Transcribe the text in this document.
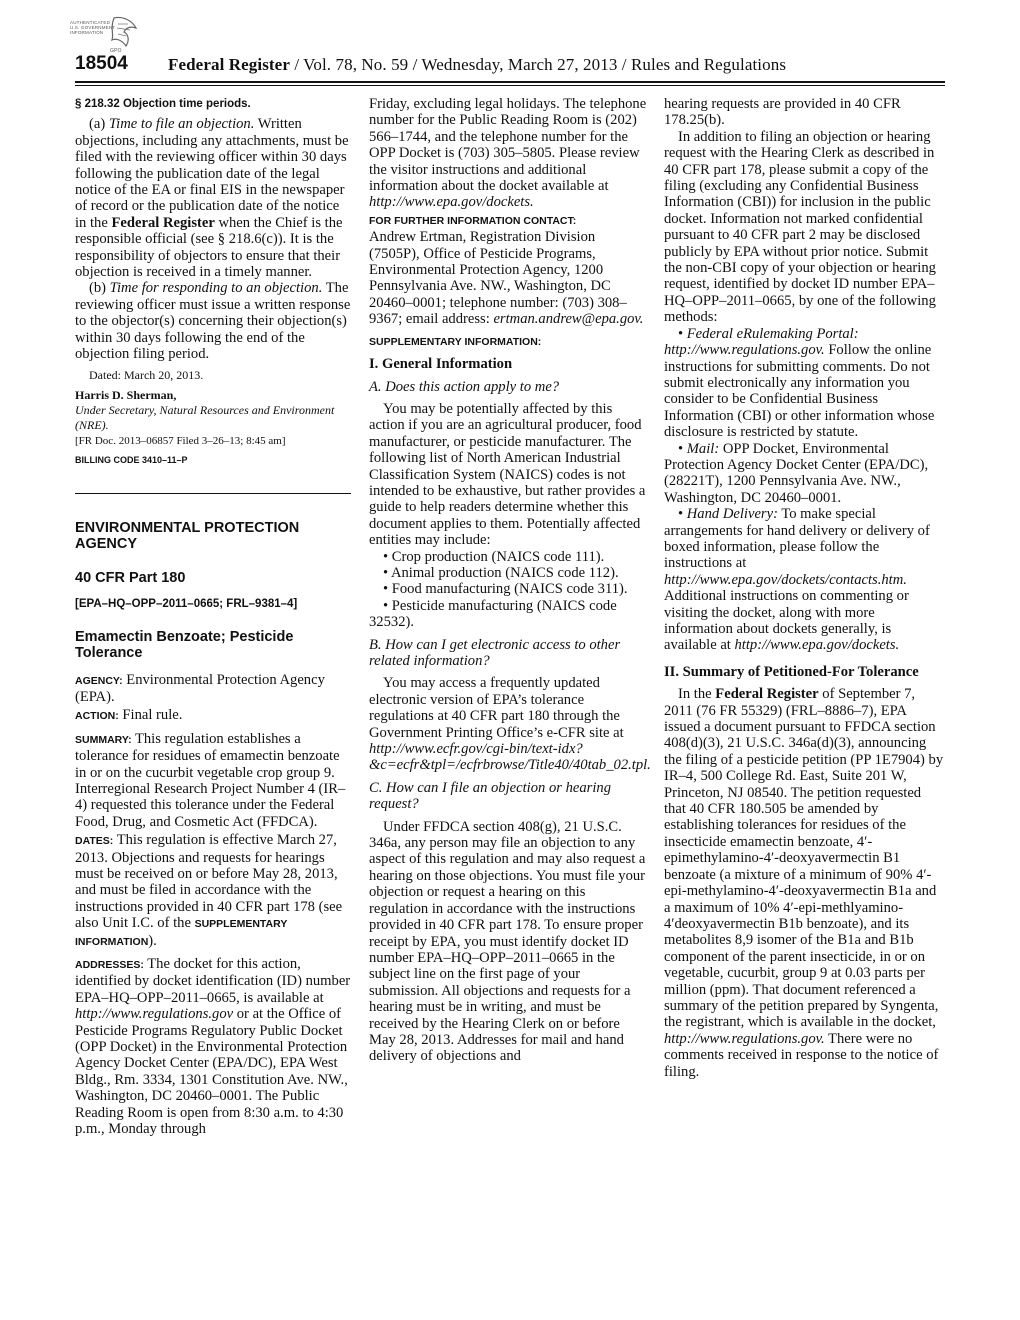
AUTHENTICATED
U.S. GOVERNMENT
INFORMATION
GPO
18504 Federal Register / Vol. 78, No. 59 / Wednesday, March 27, 2013 / Rules and Regulations

§ 218.32 Objection time periods.

(a) Time to file an objection. Written objections, including any attachments, must be filed with the reviewing officer within 30 days following the publication date of the legal notice of the EA or final EIS in the newspaper of record or the publication date of the notice in the Federal Register when the Chief is the responsible official (see § 218.6(c)). It is the responsibility of objectors to ensure that their objection is received in a timely manner.

(b) Time for responding to an objection. The reviewing officer must issue a written response to the objector(s) concerning their objection(s) within 30 days following the end of the objection filing period.

Dated: March 20, 2013.

Harris D. Sherman,

Under Secretary, Natural Resources and Environment (NRE).

[FR Doc. 2013–06857 Filed 3–26–13; 8:45 am]

BILLING CODE 3410–11–P

ENVIRONMENTAL PROTECTION AGENCY

40 CFR Part 180

[EPA–HQ–OPP–2011–0665; FRL–9381–4]

Emamectin Benzoate; Pesticide Tolerance

AGENCY: Environmental Protection Agency (EPA).

ACTION: Final rule.

SUMMARY: This regulation establishes a tolerance for residues of emamectin benzoate in or on the cucurbit vegetable crop group 9. Interregional Research Project Number 4 (IR–4) requested this tolerance under the Federal Food, Drug, and Cosmetic Act (FFDCA).

DATES: This regulation is effective March 27, 2013. Objections and requests for hearings must be received on or before May 28, 2013, and must be filed in accordance with the instructions provided in 40 CFR part 178 (see also Unit I.C. of the SUPPLEMENTARY INFORMATION).

ADDRESSES: The docket for this action, identified by docket identification (ID) number EPA–HQ–OPP–2011–0665, is available at http://www.regulations.gov or at the Office of Pesticide Programs Regulatory Public Docket (OPP Docket) in the Environmental Protection Agency Docket Center (EPA/DC), EPA West Bldg., Rm. 3334, 1301 Constitution Ave. NW., Washington, DC 20460–0001. The Public Reading Room is open from 8:30 a.m. to 4:30 p.m., Monday through

Friday, excluding legal holidays. The telephone number for the Public Reading Room is (202) 566–1744, and the telephone number for the OPP Docket is (703) 305–5805. Please review the visitor instructions and additional information about the docket available at http://www.epa.gov/dockets.

FOR FURTHER INFORMATION CONTACT:

Andrew Ertman, Registration Division (7505P), Office of Pesticide Programs, Environmental Protection Agency, 1200 Pennsylvania Ave. NW., Washington, DC 20460–0001; telephone number: (703) 308–9367; email address: ertman.andrew@epa.gov.

SUPPLEMENTARY INFORMATION:

I. General Information

A. Does this action apply to me?

You may be potentially affected by this action if you are an agricultural producer, food manufacturer, or pesticide manufacturer. The following list of North American Industrial Classification System (NAICS) codes is not intended to be exhaustive, but rather provides a guide to help readers determine whether this document applies to them. Potentially affected entities may include:

• Crop production (NAICS code 111).

• Animal production (NAICS code 112).

• Food manufacturing (NAICS code 311).

• Pesticide manufacturing (NAICS code 32532).

B. How can I get electronic access to other related information?

You may access a frequently updated electronic version of EPA’s tolerance regulations at 40 CFR part 180 through the Government Printing Office’s e-CFR site at http://www.ecfr.gov/cgi-bin/text-idx?&c=ecfr&tpl=/ecfrbrowse/Title40/40tab_02.tpl.

C. How can I file an objection or hearing request?

Under FFDCA section 408(g), 21 U.S.C. 346a, any person may file an objection to any aspect of this regulation and may also request a hearing on those objections. You must file your objection or request a hearing on this regulation in accordance with the instructions provided in 40 CFR part 178. To ensure proper receipt by EPA, you must identify docket ID number EPA–HQ–OPP–2011–0665 in the subject line on the first page of your submission. All objections and requests for a hearing must be in writing, and must be received by the Hearing Clerk on or before May 28, 2013. Addresses for mail and hand delivery of objections and

hearing requests are provided in 40 CFR 178.25(b).

In addition to filing an objection or hearing request with the Hearing Clerk as described in 40 CFR part 178, please submit a copy of the filing (excluding any Confidential Business Information (CBI)) for inclusion in the public docket. Information not marked confidential pursuant to 40 CFR part 2 may be disclosed publicly by EPA without prior notice. Submit the non-CBI copy of your objection or hearing request, identified by docket ID number EPA–HQ–OPP–2011–0665, by one of the following methods:

• Federal eRulemaking Portal: http://www.regulations.gov. Follow the online instructions for submitting comments. Do not submit electronically any information you consider to be Confidential Business Information (CBI) or other information whose disclosure is restricted by statute.

• Mail: OPP Docket, Environmental Protection Agency Docket Center (EPA/DC), (28221T), 1200 Pennsylvania Ave. NW., Washington, DC 20460–0001.

• Hand Delivery: To make special arrangements for hand delivery or delivery of boxed information, please follow the instructions at http://www.epa.gov/dockets/contacts.htm. Additional instructions on commenting or visiting the docket, along with more information about dockets generally, is available at http://www.epa.gov/dockets.

II. Summary of Petitioned-For Tolerance

In the Federal Register of September 7, 2011 (76 FR 55329) (FRL–8886–7), EPA issued a document pursuant to FFDCA section 408(d)(3), 21 U.S.C. 346a(d)(3), announcing the filing of a pesticide petition (PP 1E7904) by IR–4, 500 College Rd. East, Suite 201 W, Princeton, NJ 08540. The petition requested that 40 CFR 180.505 be amended by establishing tolerances for residues of the insecticide emamectin benzoate, 4′-epimethylamino-4′-deoxyavermectin B1 benzoate (a mixture of a minimum of 90% 4′-epi-methylamino-4′-deoxyavermectin B1a and a maximum of 10% 4′-epi-methlyamino-4′deoxyavermectin B1b benzoate), and its metabolites 8,9 isomer of the B1a and B1b component of the parent insecticide, in or on vegetable, cucurbit, group 9 at 0.03 parts per million (ppm). That document referenced a summary of the petition prepared by Syngenta, the registrant, which is available in the docket, http://www.regulations.gov. There were no comments received in response to the notice of filing.
